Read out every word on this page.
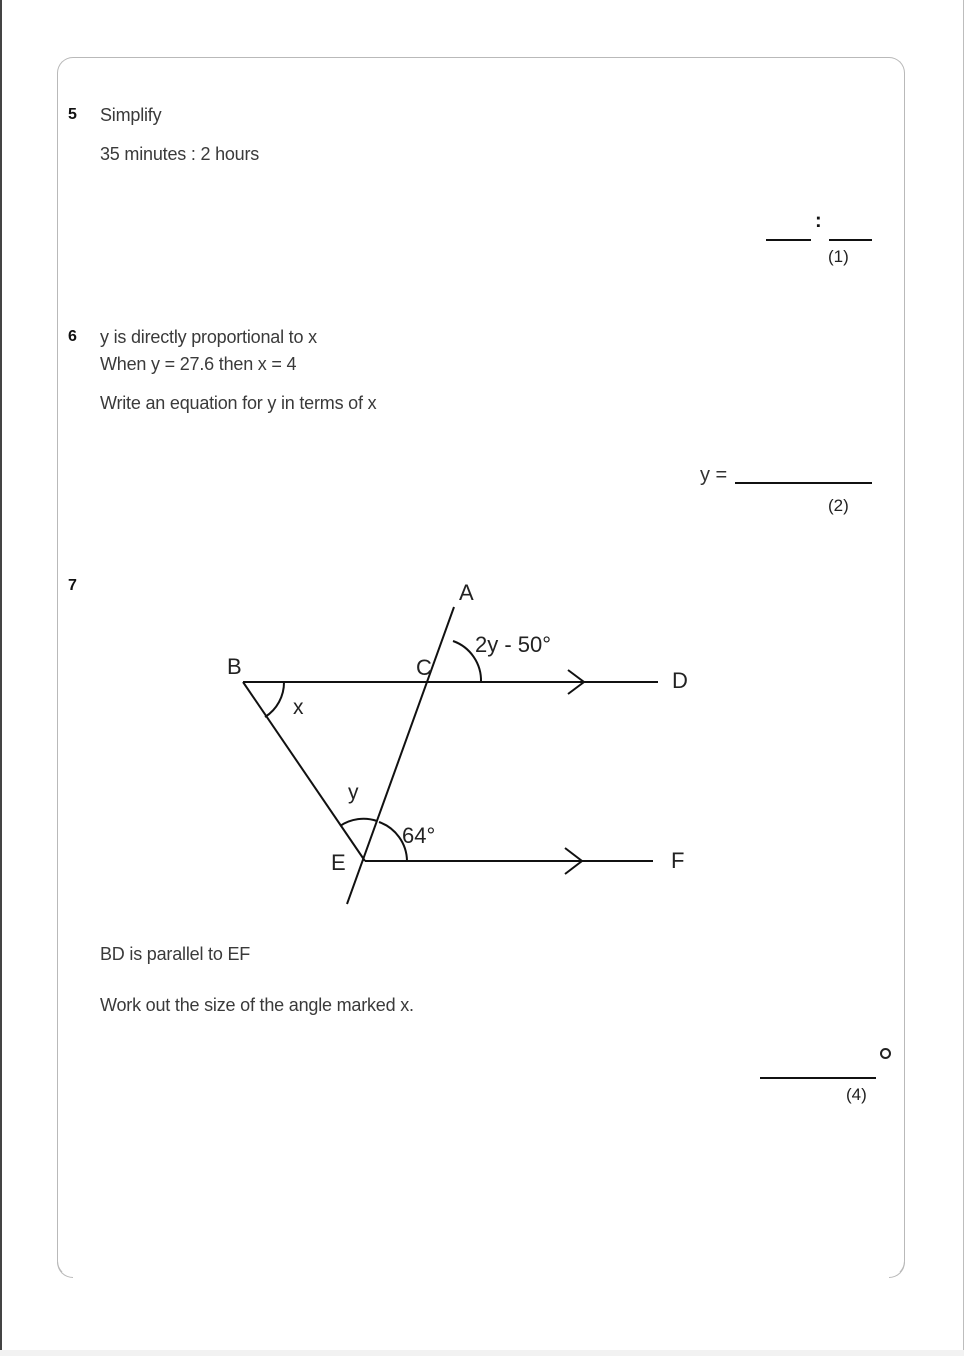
5 Simplify
35 minutes : 2 hours
:
(1)
6 y is directly proportional to x
When y = 27.6 then x = 4
Write an equation for y in terms of x
y =
(2)
7	A
B	C
D
E	F
x
y
2y - 50°
64°
BD is parallel to EF
Work out the size of the angle marked x.
(4)
